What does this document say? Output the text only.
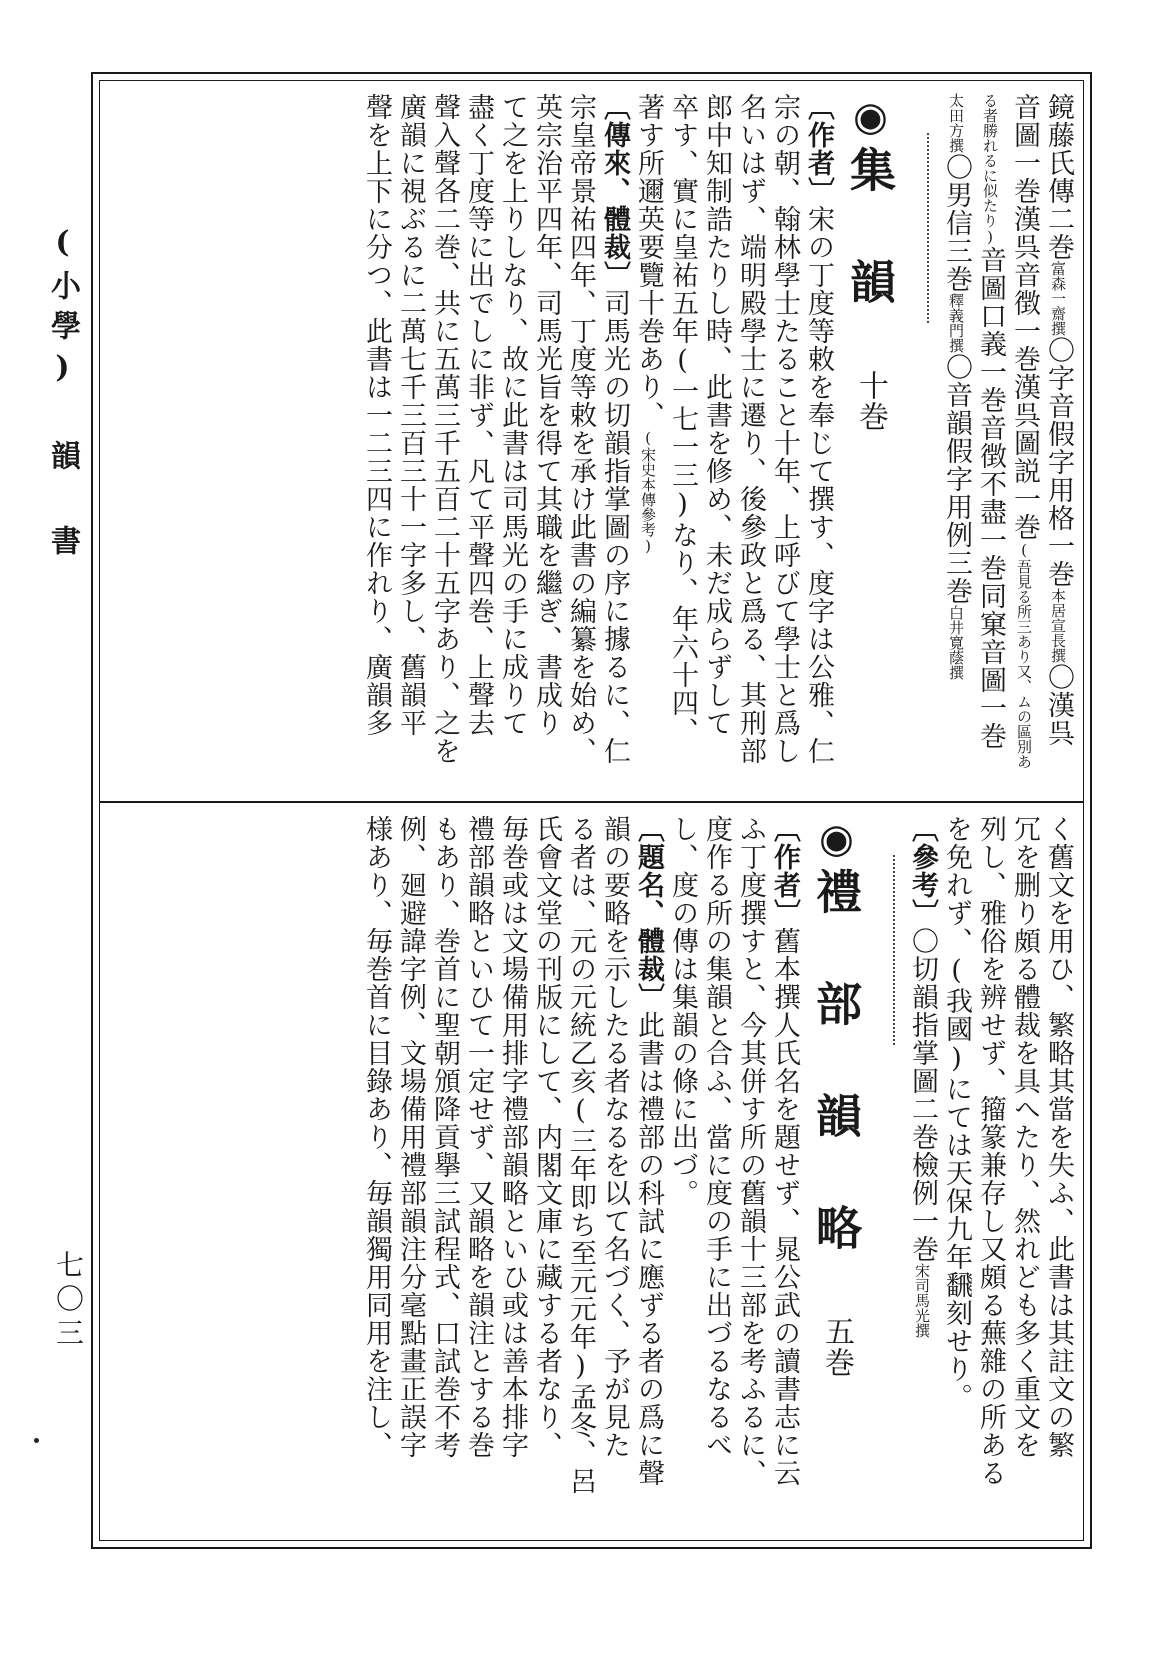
(小學) 韻 書
七〇三
鏡藤氏傳二巻富森一齋撰〇字音假字用格一巻本居宣長撰〇漢呉
音圖一巻漢呉音徴一巻漢呉圖説一巻(吾見る所三あり又、ムの區別あ
る者勝れるに似たり)音圖口義一巻音徴不盡一巻同窠音圖一巻
太田方撰〇男信三巻釋義門撰〇音韻假字用例三巻白井寛蔭撰
◉集 韻 十巻
〔作者〕宋の丁度等敕を奉じて撰す、度字は公雅、仁
宗の朝、翰林學士たること十年、上呼びて學士と爲し
名いはず、端明殿學士に遷り、後參政と爲る、其刑部
郎中知制誥たりし時、此書を修め、未だ成らずして
卒す、實に皇祐五年(一七一三)なり、年六十四、
著す所邇英要覽十巻あり、(宋史本傳參考)
〔傳來、體裁〕司馬光の切韻指掌圖の序に據るに、仁
宗皇帝景祐四年、丁度等敕を承け此書の編纂を始め、
英宗治平四年、司馬光旨を得て其職を繼ぎ、書成り
て之を上りしなり、故に此書は司馬光の手に成りて
盡く丁度等に出でしに非ず、凡て平聲四巻、上聲去
聲入聲各二巻、共に五萬三千五百二十五字あり、之を
廣韻に視ぶるに二萬七千三百三十一字多し、舊韻平
聲を上下に分つ、此書は一二三四に作れり、廣韻多
く舊文を用ひ、繁略其當を失ふ、此書は其註文の繁
冗を删り頗る體裁を具へたり、然れども多く重文を
列し、雅俗を辨せず、籀篆兼存し又頗る蕪雜の所ある
を免れず、(我國)にては天保九年飜刻せり。
〔參考〕〇切韻指掌圖二巻檢例一巻宋司馬光撰
◉禮 部 韻 略 五巻
〔作者〕舊本撰人氏名を題せず、晁公武の讀書志に云
ふ丁度撰すと、今其併す所の舊韻十三部を考ふるに、
度作る所の集韻と合ふ、當に度の手に出づるなるべ
し、度の傳は集韻の條に出づ。
〔題名、體裁〕此書は禮部の科試に應ずる者の爲に聲
韻の要略を示したる者なるを以て名づく、予が見た
る者は、元の元統乙亥(三年即ち至元元年)孟冬、呂
氏會文堂の刊版にして、内閣文庫に藏する者なり、
毎巻或は文場備用排字禮部韻略といひ或は善本排字
禮部韻略といひて一定せず、又韻略を韻注とする巻
もあり、巻首に聖朝頒降貢擧三試程式、口試巻不考
例、廻避諱字例、文場備用禮部韻注分毫點畫正誤字
様あり、毎巻首に目錄あり、毎韻獨用同用を注し、
